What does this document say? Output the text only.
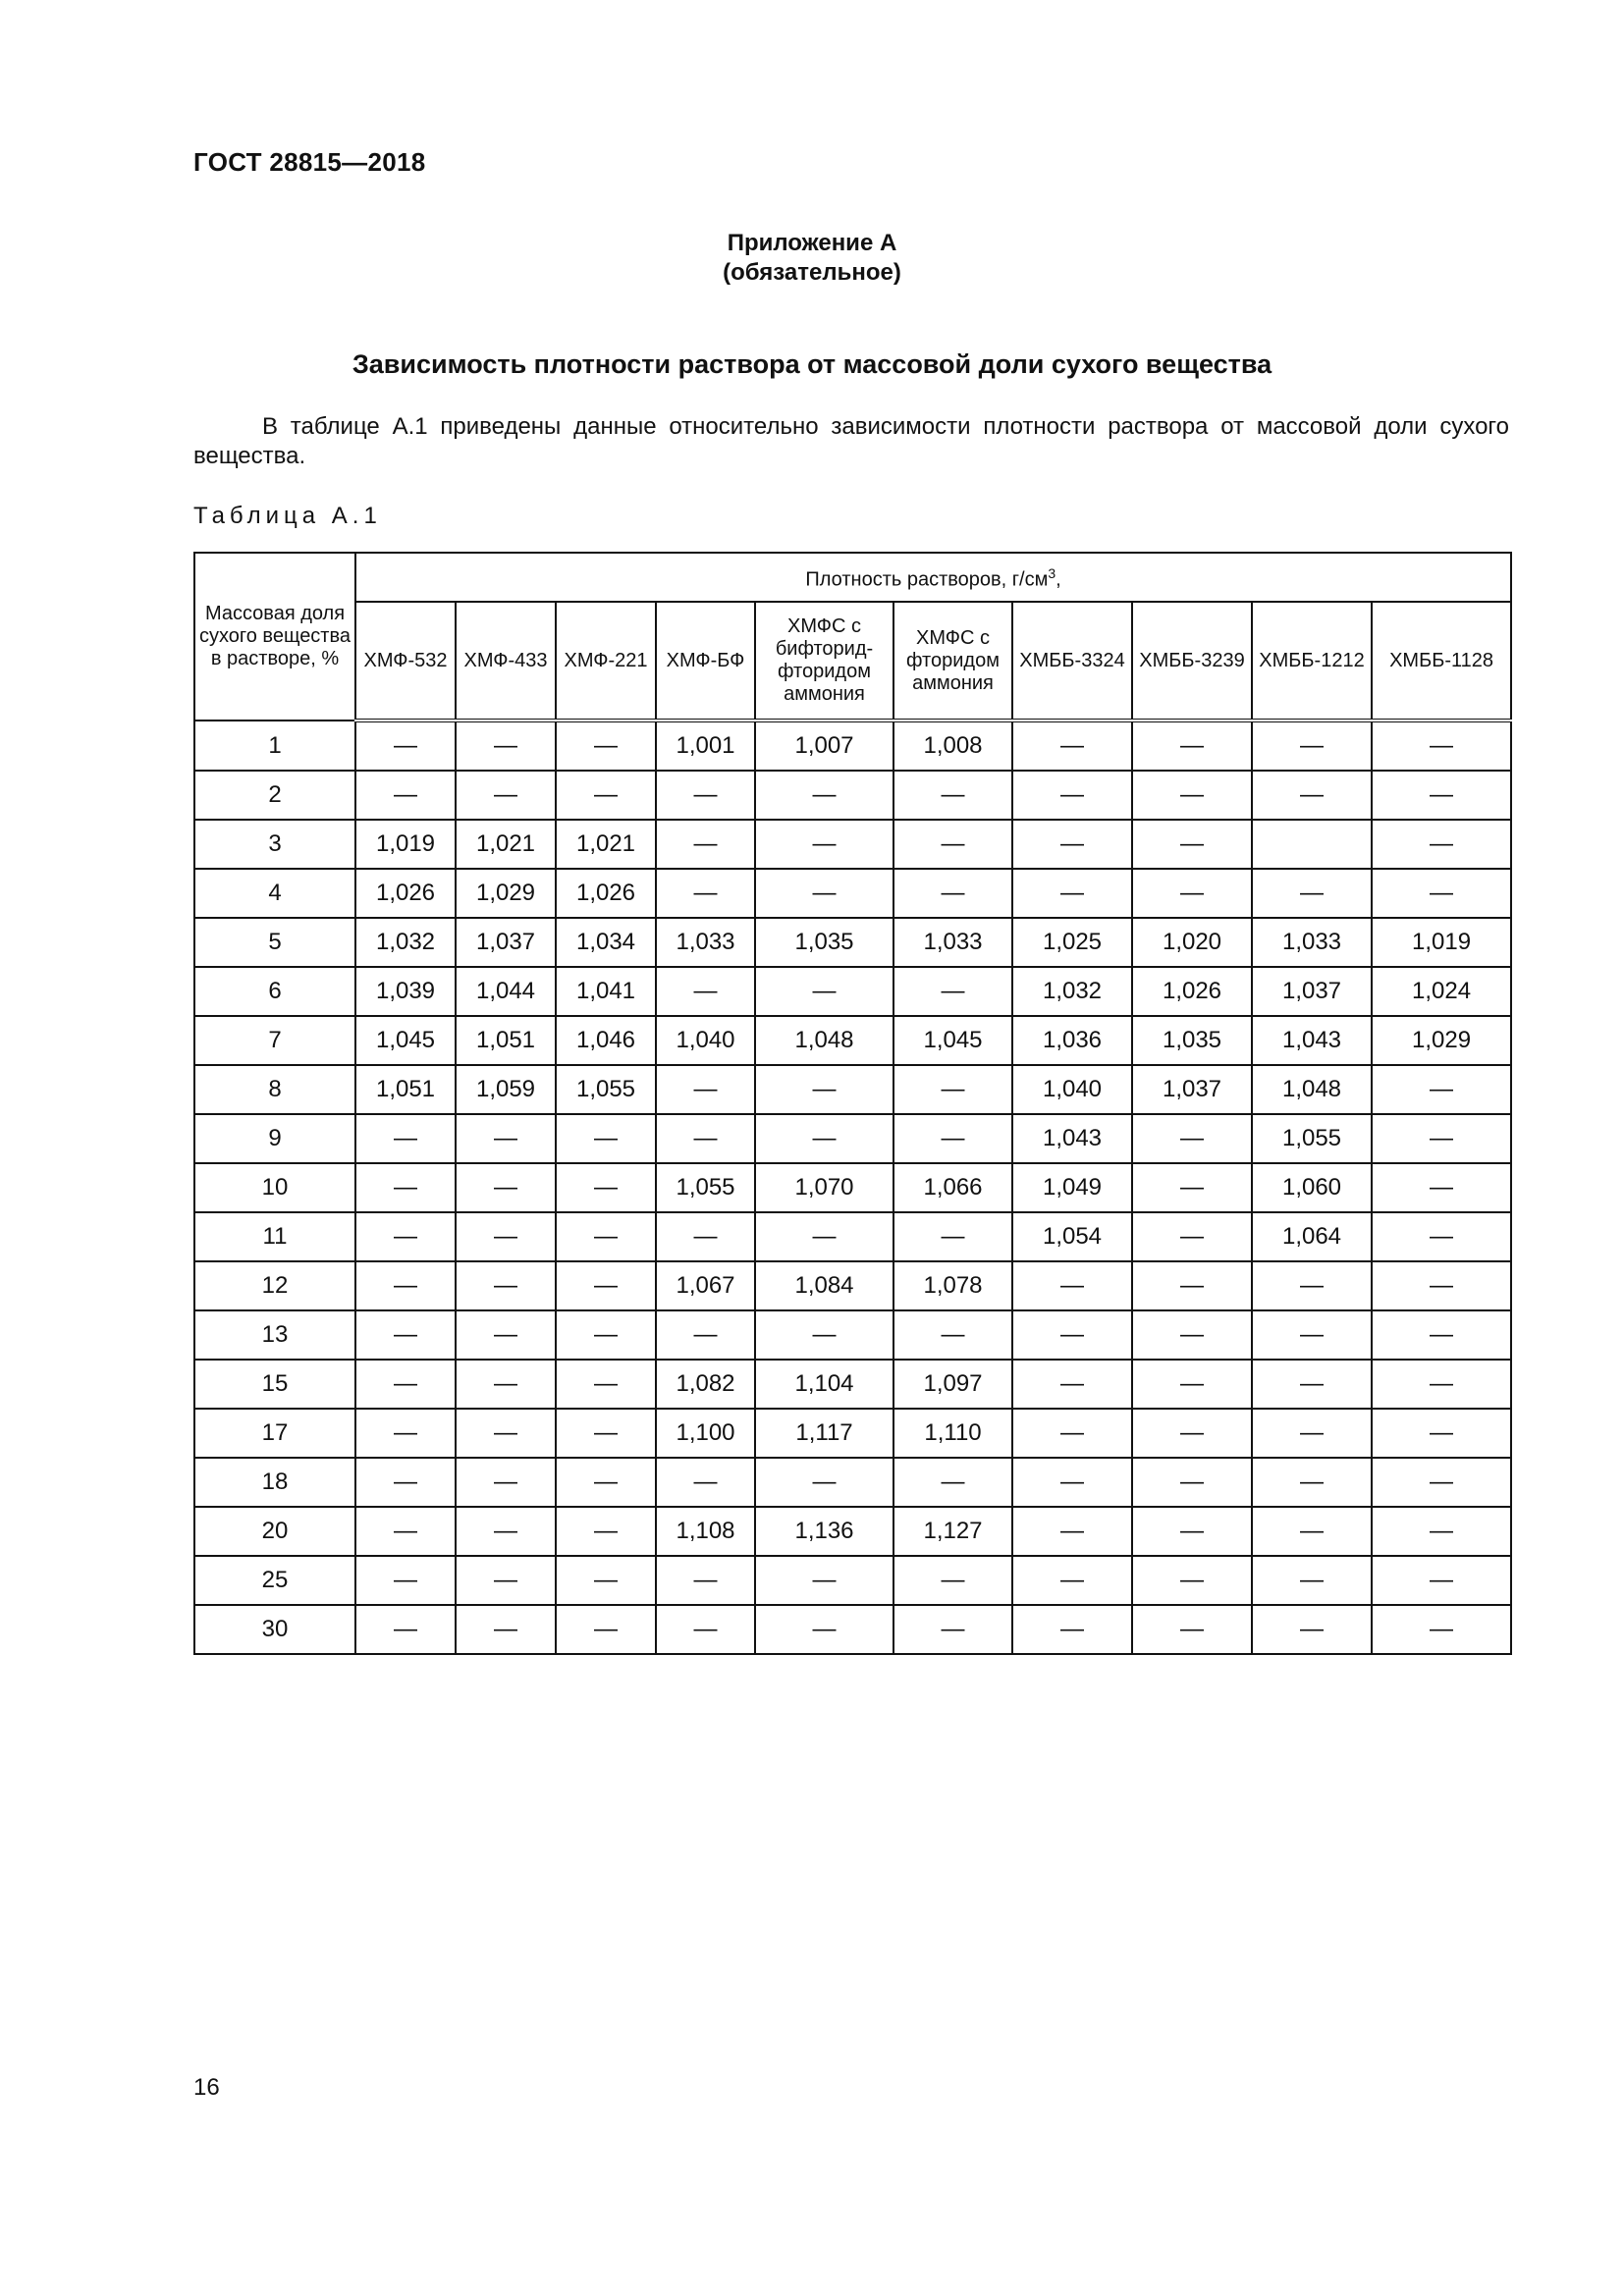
ГОСТ 28815—2018
Приложение А
(обязательное)
Зависимость плотности раствора от массовой доли сухого вещества

В таблице А.1 приведены данные относительно зависимости плотности раствора от массовой доли сухого вещества.

Таблица А.1
Массовая доля сухого вещества в растворе, %	Плотность растворов, $г/см^3$,									
	ХМФ-532	ХМФ-433	ХМФ-221	ХМФ-БФ	ХМФС с бифторид-фторидом аммония	ХМФС с фторидом аммония	ХМББ-3324	ХМББ-3239	ХМББ-1212	ХМББ-1128
1	—	—	—	1,001	1,007	1,008	—	—	—	—
2	—	—	—	—	—	—	—	—	—	—
3	1,019	1,021	1,021	—	—	—	—	—		—
4	1,026	1,029	1,026	—	—	—	—	—	—	—
5	1,032	1,037	1,034	1,033	1,035	1,033	1,025	1,020	1,033	1,019
6	1,039	1,044	1,041	—	—	—	1,032	1,026	1,037	1,024
7	1,045	1,051	1,046	1,040	1,048	1,045	1,036	1,035	1,043	1,029
8	1,051	1,059	1,055	—	—	—	1,040	1,037	1,048	—
9	—	—	—	—	—	—	1,043	—	1,055	—
10	—	—	—	1,055	1,070	1,066	1,049	—	1,060	—
11	—	—	—	—	—	—	1,054	—	1,064	—
12	—	—	—	1,067	1,084	1,078	—	—	—	—
13	—	—	—	—	—	—	—	—	—	—
15	—	—	—	1,082	1,104	1,097	—	—	—	—
17	—	—	—	1,100	1,117	1,110	—	—	—	—
18	—	—	—	—	—	—	—	—	—	—
20	—	—	—	1,108	1,136	1,127	—	—	—	—
25	—	—	—	—	—	—	—	—	—	—
30	—	—	—	—	—	—	—	—	—	—
16
